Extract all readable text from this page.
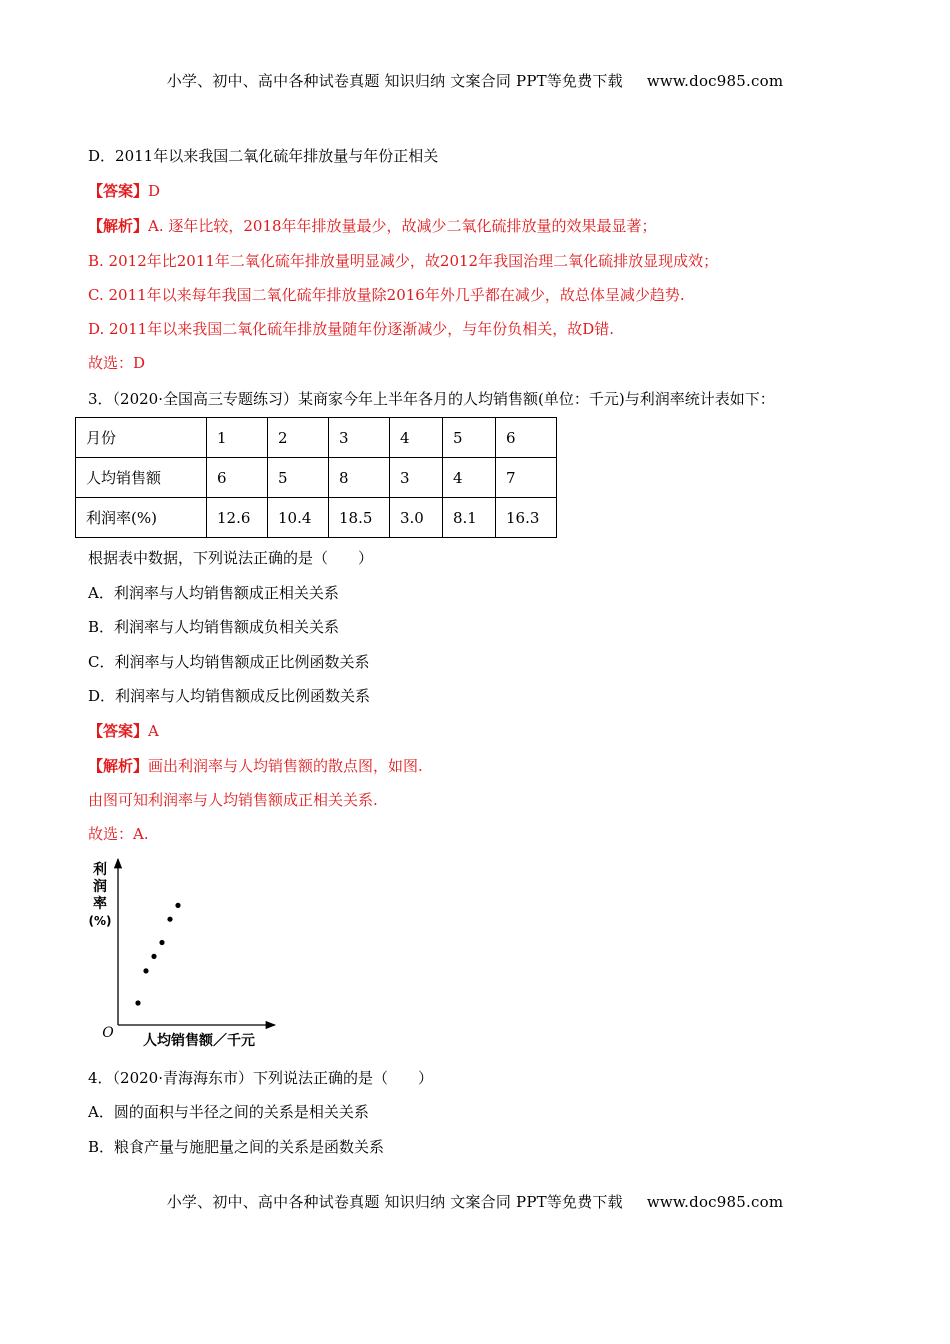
小学、初中、高中各种试卷真题 知识归纳 文案合同 PPT等免费下载 www.doc985.com
D．2011年以来我国二氧化硫年排放量与年份正相关
【答案】D
【解析】A. 逐年比较，2018年年排放量最少，故减少二氧化硫排放量的效果最显著；
B. 2012年比2011年二氧化硫年排放量明显减少，故2012年我国治理二氧化硫排放显现成效；
C. 2011年以来每年我国二氧化硫年排放量除2016年外几乎都在减少，故总体呈减少趋势.
D. 2011年以来我国二氧化硫年排放量随年份逐渐减少，与年份负相关，故D错.
故选：D
3．（2020·全国高三专题练习）某商家今年上半年各月的人均销售额(单位：千元)与利润率统计表如下：
月份	1	2	3	4	5	6
人均销售额	6	5	8	3	4	7
利润率(%)	12.6	10.4	18.5	3.0	8.1	16.3
根据表中数据，下列说法正确的是（　　）
A．利润率与人均销售额成正相关关系
B．利润率与人均销售额成负相关关系
C．利润率与人均销售额成正比例函数关系
D．利润率与人均销售额成反比例函数关系
【答案】A
【解析】画出利润率与人均销售额的散点图，如图.
由图可知利润率与人均销售额成正相关关系.
故选：A.
利
润
率
(%)
O 人均销售额／千元
4．（2020·青海海东市）下列说法正确的是（　　）
A．圆的面积与半径之间的关系是相关关系
B．粮食产量与施肥量之间的关系是函数关系
小学、初中、高中各种试卷真题 知识归纳 文案合同 PPT等免费下载 www.doc985.com
